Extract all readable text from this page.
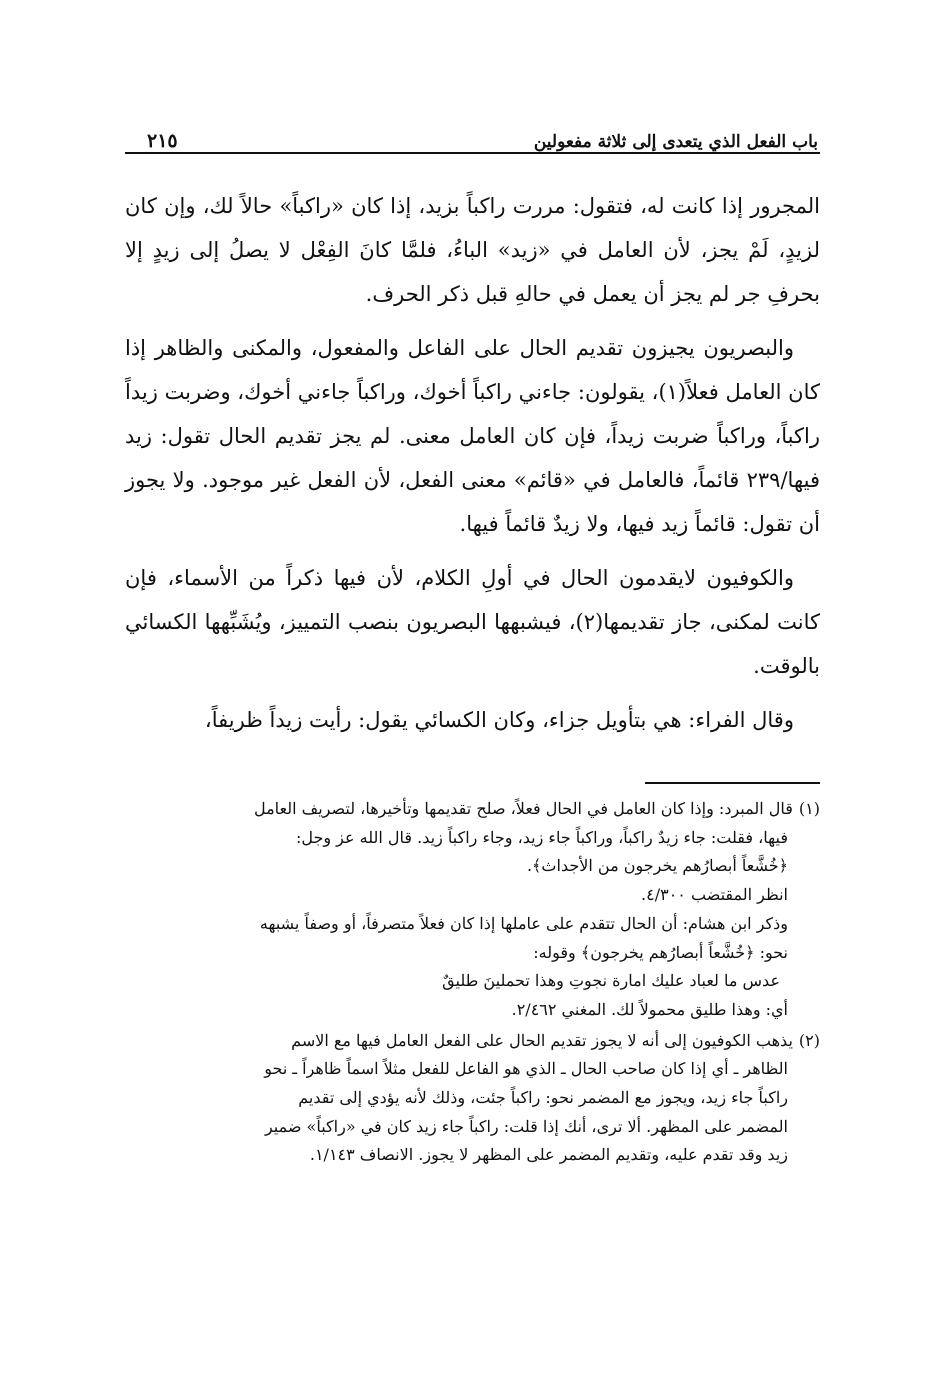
باب الفعل الذي يتعدى إلى ثلاثة مفعولين
٢١٥

المجرور إذا كانت له، فتقول: مررت راكباً بزيد، إذا كان «راكباً» حالاً لك، وإن كان لزيدٍ، لَمْ يجز، لأن العامل في «زيد» الباءُ، فلمَّا كانَ الفِعْل لا يصلُ إلى زيدٍ إلا بحرفِ جر لم يجز أن يعمل في حالهِ قبل ذكر الحرف.

والبصريون يجيزون تقديم الحال على الفاعل والمفعول، والمكنى والظاهر إذا كان العامل فعلاً(١)، يقولون: جاءني راكباً أخوك، وراكباً جاءني أخوك، وضربت زيداً راكباً، وراكباً ضربت زيداً، فإن كان العامل معنى. لم يجز تقديم الحال تقول: زيد فيها/٢٣٩ قائماً، فالعامل في «قائم» معنى الفعل، لأن الفعل غير موجود. ولا يجوز أن تقول: قائماً زيد فيها، ولا زيدٌ قائماً فيها.

والكوفيون لايقدمون الحال في أولِ الكلام، لأن فيها ذكراً من الأسماء، فإن كانت لمكنى، جاز تقديمها(٢)، فيشبهها البصريون بنصب التمييز، ويُشَبِّهها الكسائي بالوقت.

وقال الفراء: هي بتأويل جزاء، وكان الكسائي يقول: رأيت زيداً ظريفاً،

(١)قال المبرد: وإذا كان العامل في الحال فعلاً، صلح تقديمها وتأخيرها، لتصريف العامل
فيها، فقلت: جاء زيدٌ راكباً، وراكباً جاء زيد، وجاء راكباً زيد. قال الله عز وجل:
﴿خُشَّعاً أبصارُهم يخرجون من الأجداث﴾.
انظر المقتضب ٤/٣٠٠.
وذكر ابن هشام: أن الحال تتقدم على عاملها إذا كان فعلاً متصرفاً، أو وصفاً يشبهه
نحو: ﴿خُشَّعاً أبصارُهم يخرجون﴾ وقوله:
عدس ما لعباد عليك امارة نجوتِ وهذا تحملينَ طليقٌ
أي: وهذا طليق محمولاً لك. المغني ٢/٤٦٢.
(٢)يذهب الكوفيون إلى أنه لا يجوز تقديم الحال على الفعل العامل فيها مع الاسم
الظاهر ـ أي إذا كان صاحب الحال ـ الذي هو الفاعل للفعل مثلاً اسماً ظاهراً ـ نحو
راكباً جاء زيد، ويجوز مع المضمر نحو: راكباً جئت، وذلك لأنه يؤدي إلى تقديم
المضمر على المظهر. ألا ترى، أنك إذا قلت: راكباً جاء زيد كان في «راكباً» ضمير
زيد وقد تقدم عليه، وتقديم المضمر على المظهر لا يجوز. الانصاف ١/١٤٣.
